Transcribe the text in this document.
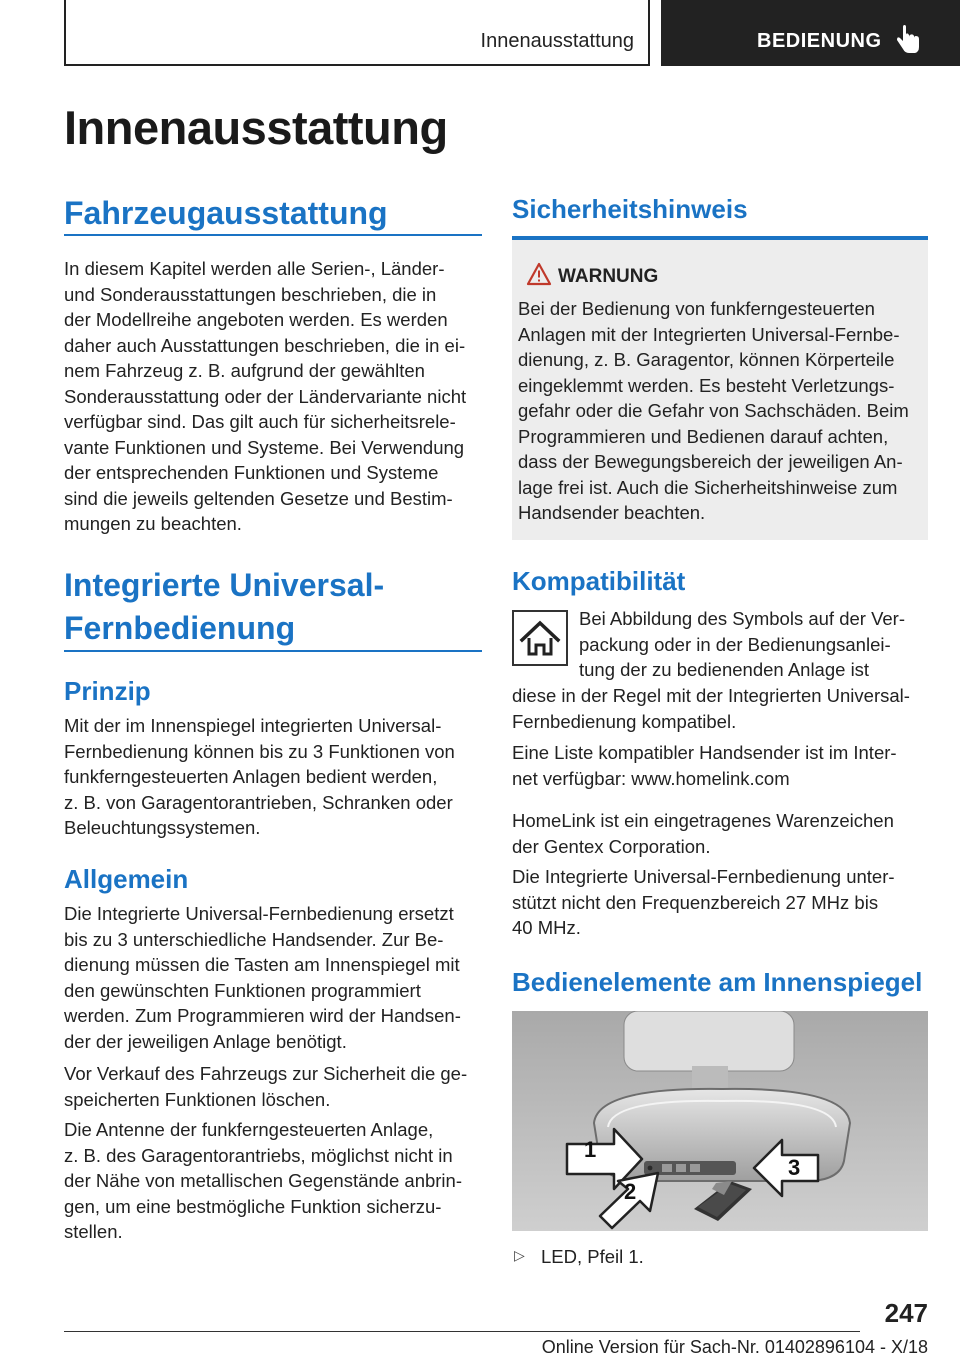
Innenausstattung	BEDIENUNG
Innenausstattung
Fahrzeugausstattung
In diesem Kapitel werden alle Serien-, Länder-
und Sonderausstattungen beschrieben, die in
der Modellreihe angeboten werden. Es werden
daher auch Ausstattungen beschrieben, die in ei-
nem Fahrzeug z. B. aufgrund der gewählten
Sonderausstattung oder der Ländervariante nicht
verfügbar sind. Das gilt auch für sicherheitsrele-
vante Funktionen und Systeme. Bei Verwendung
der entsprechenden Funktionen und Systeme
sind die jeweils geltenden Gesetze und Bestim-
mungen zu beachten.
Integrierte Universal-
Fernbedienung
Prinzip
Mit der im Innenspiegel integrierten Universal-
Fernbedienung können bis zu 3 Funktionen von
funkferngesteuerten Anlagen bedient werden,
z. B. von Garagentorantrieben, Schranken oder
Beleuchtungssystemen.
Allgemein
Die Integrierte Universal-Fernbedienung ersetzt
bis zu 3 unterschiedliche Handsender. Zur Be-
dienung müssen die Tasten am Innenspiegel mit
den gewünschten Funktionen programmiert
werden. Zum Programmieren wird der Handsen-
der der jeweiligen Anlage benötigt.
Vor Verkauf des Fahrzeugs zur Sicherheit die ge-
speicherten Funktionen löschen.
Die Antenne der funkferngesteuerten Anlage,
z. B. des Garagentorantriebs, möglichst nicht in
der Nähe von metallischen Gegenstände anbrin-
gen, um eine bestmögliche Funktion sicherzu-
stellen.
Sicherheitshinweis
WARNUNG
Bei der Bedienung von funkferngesteuerten
Anlagen mit der Integrierten Universal-Fernbe-
dienung, z. B. Garagentor, können Körperteile
eingeklemmt werden. Es besteht Verletzungs-
gefahr oder die Gefahr von Sachschäden. Beim
Programmieren und Bedienen darauf achten,
dass der Bewegungsbereich der jeweiligen An-
lage frei ist. Auch die Sicherheitshinweise zum
Handsender beachten.
Kompatibilität
Bei Abbildung des Symbols auf der Ver-
packung oder in der Bedienungsanlei-
tung der zu bedienenden Anlage ist
diese in der Regel mit der Integrierten Universal-
Fernbedienung kompatibel.
Eine Liste kompatibler Handsender ist im Inter-
net verfügbar: www.homelink.com
HomeLink ist ein eingetragenes Warenzeichen
der Gentex Corporation.
Die Integrierte Universal-Fernbedienung unter-
stützt nicht den Frequenzbereich 27 MHz bis
40 MHz.
Bedienelemente am Innenspiegel
1
2
3
▷ LED, Pfeil 1.
247
Online Version für Sach-Nr. 01402896104 - X/18
